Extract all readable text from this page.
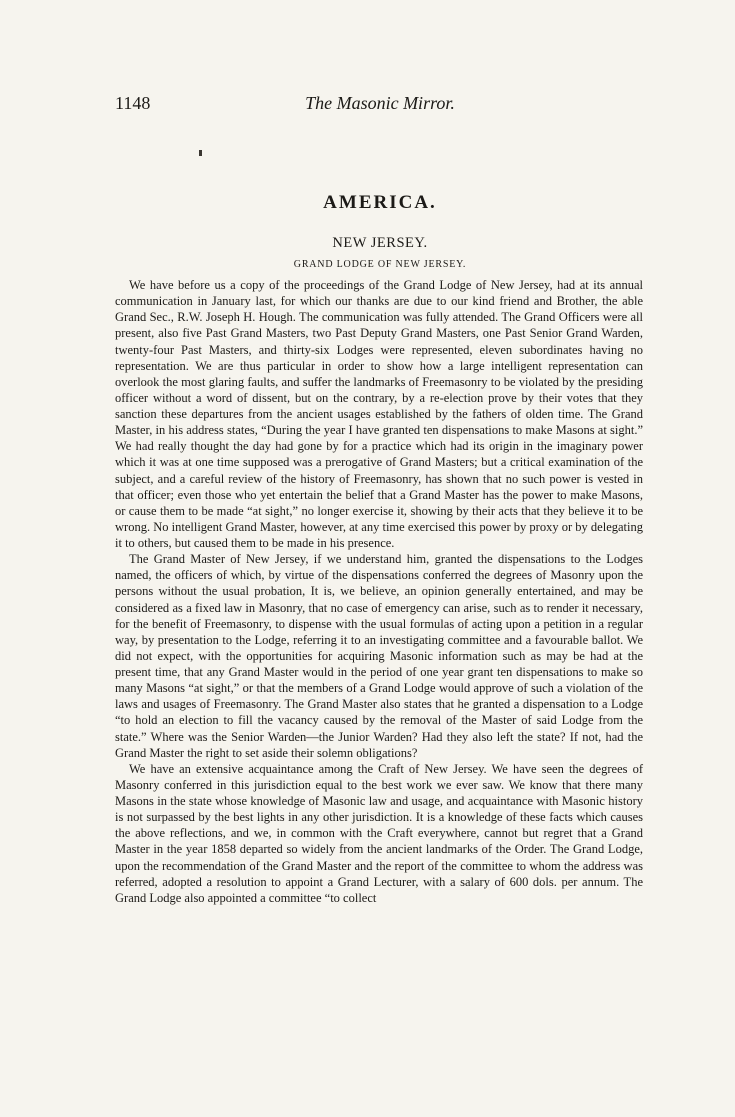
1148	The Masonic Mirror.
AMERICA.
NEW JERSEY.
GRAND LODGE OF NEW JERSEY.

We have before us a copy of the proceedings of the Grand Lodge of New Jersey, had at its annual communication in January last, for which our thanks are due to our kind friend and Brother, the able Grand Sec., R.W. Joseph H. Hough. The communication was fully attended. The Grand Officers were all present, also five Past Grand Masters, two Past Deputy Grand Masters, one Past Senior Grand Warden, twenty-four Past Masters, and thirty-six Lodges were represented, eleven subordinates having no representation. We are thus particular in order to show how a large intelligent representation can overlook the most glaring faults, and suffer the landmarks of Freemasonry to be violated by the presiding officer without a word of dissent, but on the contrary, by a re-election prove by their votes that they sanction these departures from the ancient usages established by the fathers of olden time. The Grand Master, in his address states, “During the year I have granted ten dispensations to make Masons at sight.” We had really thought the day had gone by for a practice which had its origin in the imaginary power which it was at one time supposed was a prerogative of Grand Masters; but a critical examination of the subject, and a careful review of the history of Freemasonry, has shown that no such power is vested in that officer; even those who yet entertain the belief that a Grand Master has the power to make Masons, or cause them to be made “at sight,” no longer exercise it, showing by their acts that they believe it to be wrong. No intelligent Grand Master, however, at any time exercised this power by proxy or by delegating it to others, but caused them to be made in his presence.

The Grand Master of New Jersey, if we understand him, granted the dispensations to the Lodges named, the officers of which, by virtue of the dispensations conferred the degrees of Masonry upon the persons without the usual probation, It is, we believe, an opinion generally entertained, and may be considered as a fixed law in Masonry, that no case of emergency can arise, such as to render it necessary, for the benefit of Freemasonry, to dispense with the usual formulas of acting upon a petition in a regular way, by presentation to the Lodge, referring it to an investigating committee and a favourable ballot. We did not expect, with the opportunities for acquiring Masonic information such as may be had at the present time, that any Grand Master would in the period of one year grant ten dispensations to make so many Masons “at sight,” or that the members of a Grand Lodge would approve of such a violation of the laws and usages of Freemasonry. The Grand Master also states that he granted a dispensation to a Lodge “to hold an election to fill the vacancy caused by the removal of the Master of said Lodge from the state.” Where was the Senior Warden—the Junior Warden? Had they also left the state? If not, had the Grand Master the right to set aside their solemn obligations?

We have an extensive acquaintance among the Craft of New Jersey. We have seen the degrees of Masonry conferred in this jurisdiction equal to the best work we ever saw. We know that there many Masons in the state whose knowledge of Masonic law and usage, and acquaintance with Masonic history is not surpassed by the best lights in any other jurisdiction. It is a knowledge of these facts which causes the above reflections, and we, in common with the Craft everywhere, cannot but regret that a Grand Master in the year 1858 departed so widely from the ancient landmarks of the Order. The Grand Lodge, upon the recommendation of the Grand Master and the report of the committee to whom the address was referred, adopted a resolution to appoint a Grand Lecturer, with a salary of 600 dols. per annum. The Grand Lodge also appointed a committee “to collect
